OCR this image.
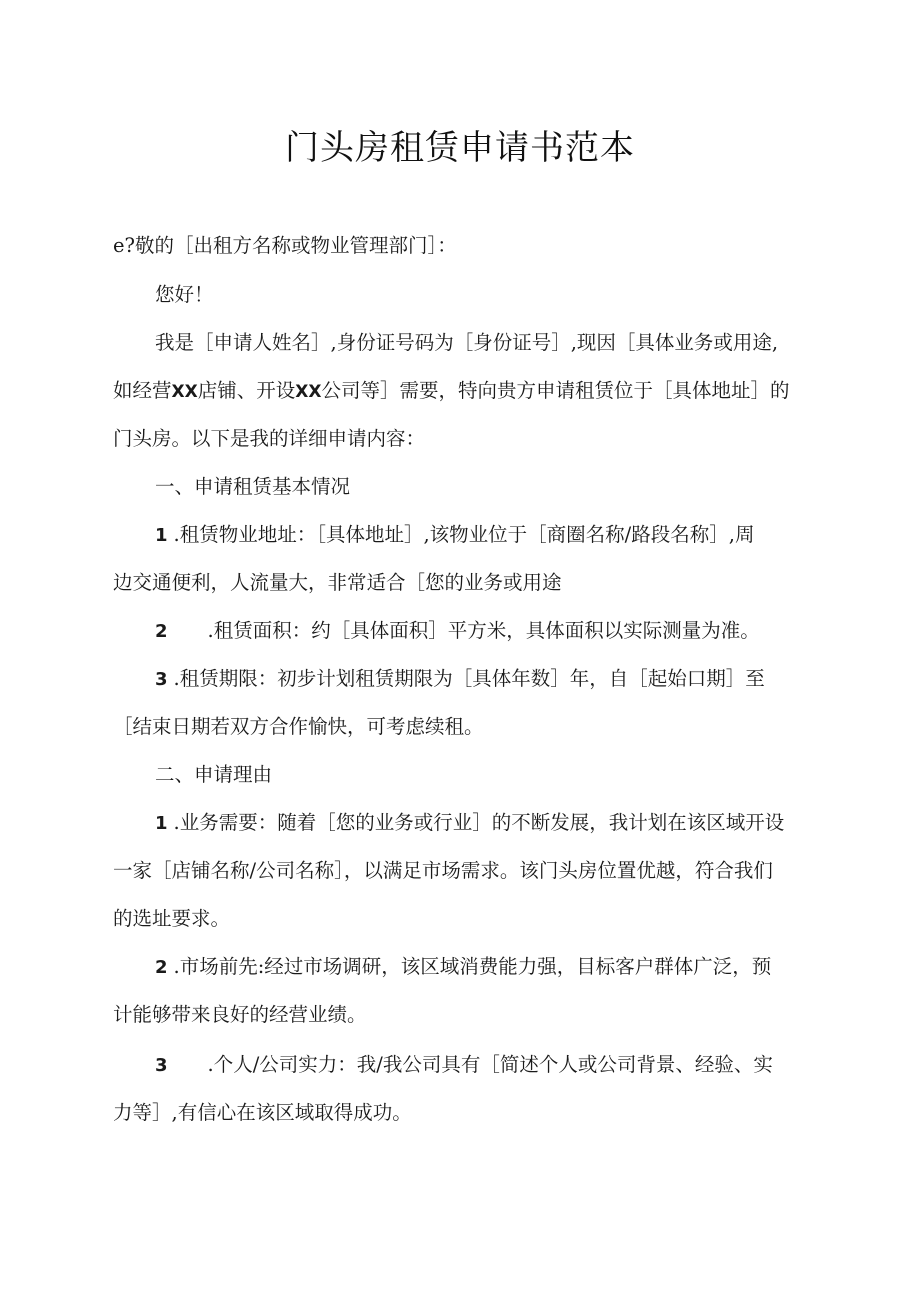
门头房租赁申请书范本
e?敬的［出租方名称或物业管理部门］：
您好！
我是［申请人姓名］,身份证号码为［身份证号］,现因［具体业务或用途,
如经营XX店铺、开设XX公司等］需要，特向贵方申请租赁位于［具体地址］的
门头房。以下是我的详细申请内容：
一、申请租赁基本情况
1 .租赁物业地址：［具体地址］,该物业位于［商圈名称/路段名称］,周
边交通便利，人流量大，非常适合［您的业务或用途
2 .租赁面积：约［具体面积］平方米，具体面积以实际测量为准。
3 .租赁期限：初步计划租赁期限为［具体年数］年，自［起始口期］至
［结束日期若双方合作愉快，可考虑续租。
二、申请理由
1 .业务需要：随着［您的业务或行业］的不断发展，我计划在该区域开设
一家［店铺名称/公司名称］，以满足市场需求。该门头房位置优越，符合我们
的选址要求。
2 .市场前先:经过市场调研，该区域消费能力强，目标客户群体广泛，预
计能够带来良好的经营业绩。
3 .个人/公司实力：我/我公司具有［简述个人或公司背景、经验、实
力等］,有信心在该区域取得成功。
